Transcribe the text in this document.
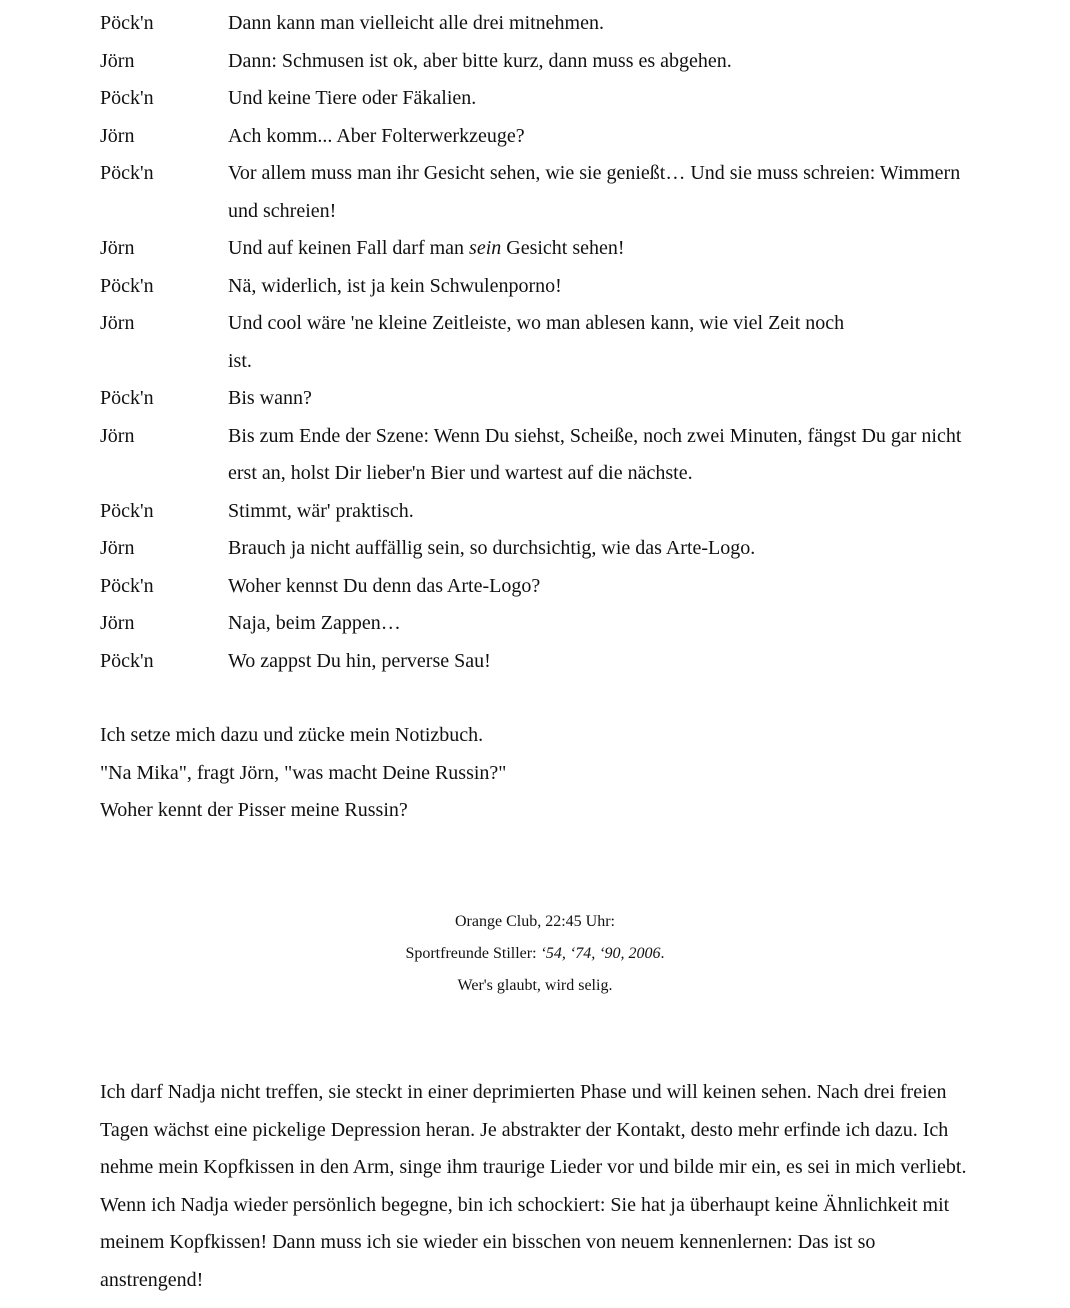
Pöck'n	Dann kann man vielleicht alle drei mitnehmen.
Jörn	Dann: Schmusen ist ok, aber bitte kurz, dann muss es abgehen.
Pöck'n	Und keine Tiere oder Fäkalien.
Jörn	Ach komm... Aber Folterwerkzeuge?
Pöck'n	Vor allem muss man ihr Gesicht sehen, wie sie genießt… Und sie muss schreien: Wimmern und schreien!
Jörn	Und auf keinen Fall darf man sein Gesicht sehen!
Pöck'n	Nä, widerlich, ist ja kein Schwulenporno!
Jörn	Und cool wäre 'ne kleine Zeitleiste, wo man ablesen kann, wie viel Zeit noch ist.
Pöck'n	Bis wann?
Jörn	Bis zum Ende der Szene: Wenn Du siehst, Scheiße, noch zwei Minuten, fängst Du gar nicht erst an, holst Dir lieber'n Bier und wartest auf die nächste.
Pöck'n	Stimmt, wär' praktisch.
Jörn	Brauch ja nicht auffällig sein, so durchsichtig, wie das Arte-Logo.
Pöck'n	Woher kennst Du denn das Arte-Logo?
Jörn	Naja, beim Zappen…
Pöck'n	Wo zappst Du hin, perverse Sau!
Ich setze mich dazu und zücke mein Notizbuch.
"Na Mika", fragt Jörn, "was macht Deine Russin?"
Woher kennt der Pisser meine Russin?
Orange Club, 22:45 Uhr:
Sportfreunde Stiller: ‘54, ‘74, ‘90, 2006.
Wer's glaubt, wird selig.
Ich darf Nadja nicht treffen, sie steckt in einer deprimierten Phase und will keinen sehen. Nach drei freien Tagen wächst eine pickelige Depression heran. Je abstrakter der Kontakt, desto mehr erfinde ich dazu. Ich nehme mein Kopfkissen in den Arm, singe ihm traurige Lieder vor und bilde mir ein, es sei in mich verliebt. Wenn ich Nadja wieder persönlich begegne, bin ich schockiert: Sie hat ja überhaupt keine Ähnlichkeit mit meinem Kopfkissen! Dann muss ich sie wieder ein bisschen von neuem kennenlernen: Das ist so anstrengend!
